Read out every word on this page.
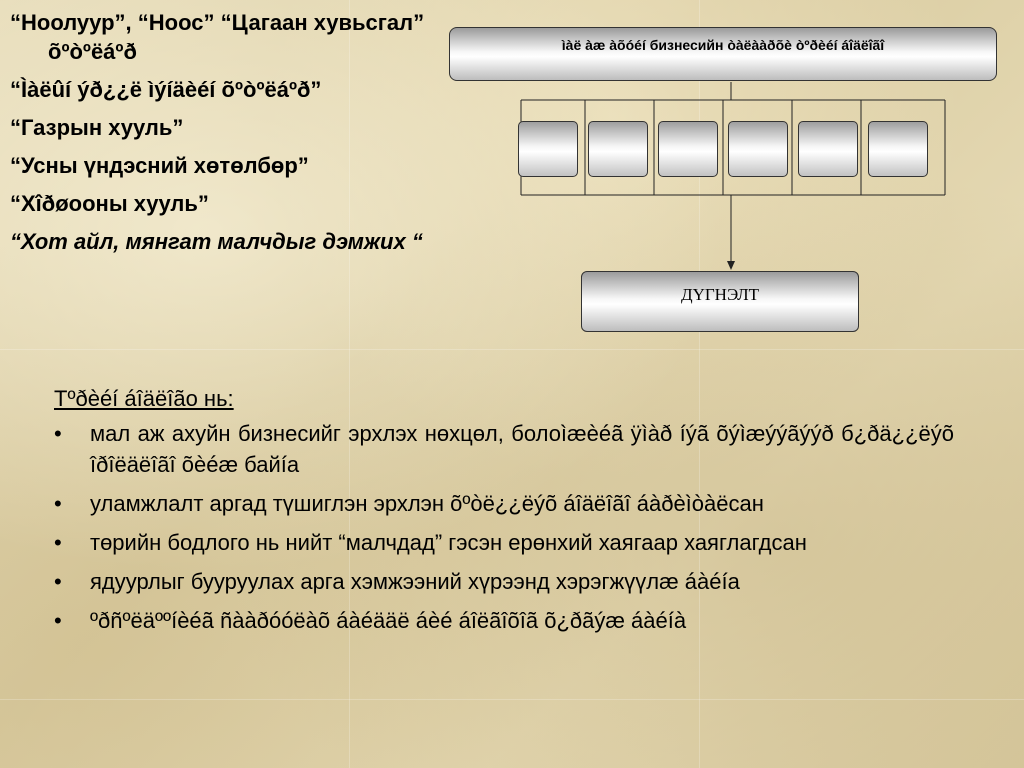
“Ноолуур”, “Ноос” “Цагаан хувьсгал” õºòºëáºð
“Ìàëûí ýð¿¿ë ìýíäèéí õºòºëáºð”
“Газрын хууль”
“Усны үндэсний хөтөлбөр”
“Xîðøooны хууль”
“Хот айл, мянгат малчдыг дэмжих “
ìàë àæ àõóéí бизнесийн òàëààðõè òºðèéí áîäëîãî
ДҮГНЭЛТ
Тºðèéí áîäëîão нь:
• мал аж ахуйн бизнесийг эрхлэх нөхцөл, болоìæèéã ÿìàð íýã õýìæýýãýýð б¿ðä¿¿ëýõ îðîëäëîãî õèéæ байíа
• уламжлалт аргад түшиглэн эрхлэн õºòë¿¿ëýõ áîäëîãî áàðèìòàëсан
• төрийн бодлого нь нийт “малчдад” гэсэн ерөнхий хаягаар хаяглагдсан
• ядуурлыг бууруулах арга хэмжээний хүрээнд хэрэгжүүлæ áàéíа
• ºðñºëäººíèéã ñààðóóëàõ áàéääë áèé áîëãîõîã õ¿ðãýæ áàéíà
